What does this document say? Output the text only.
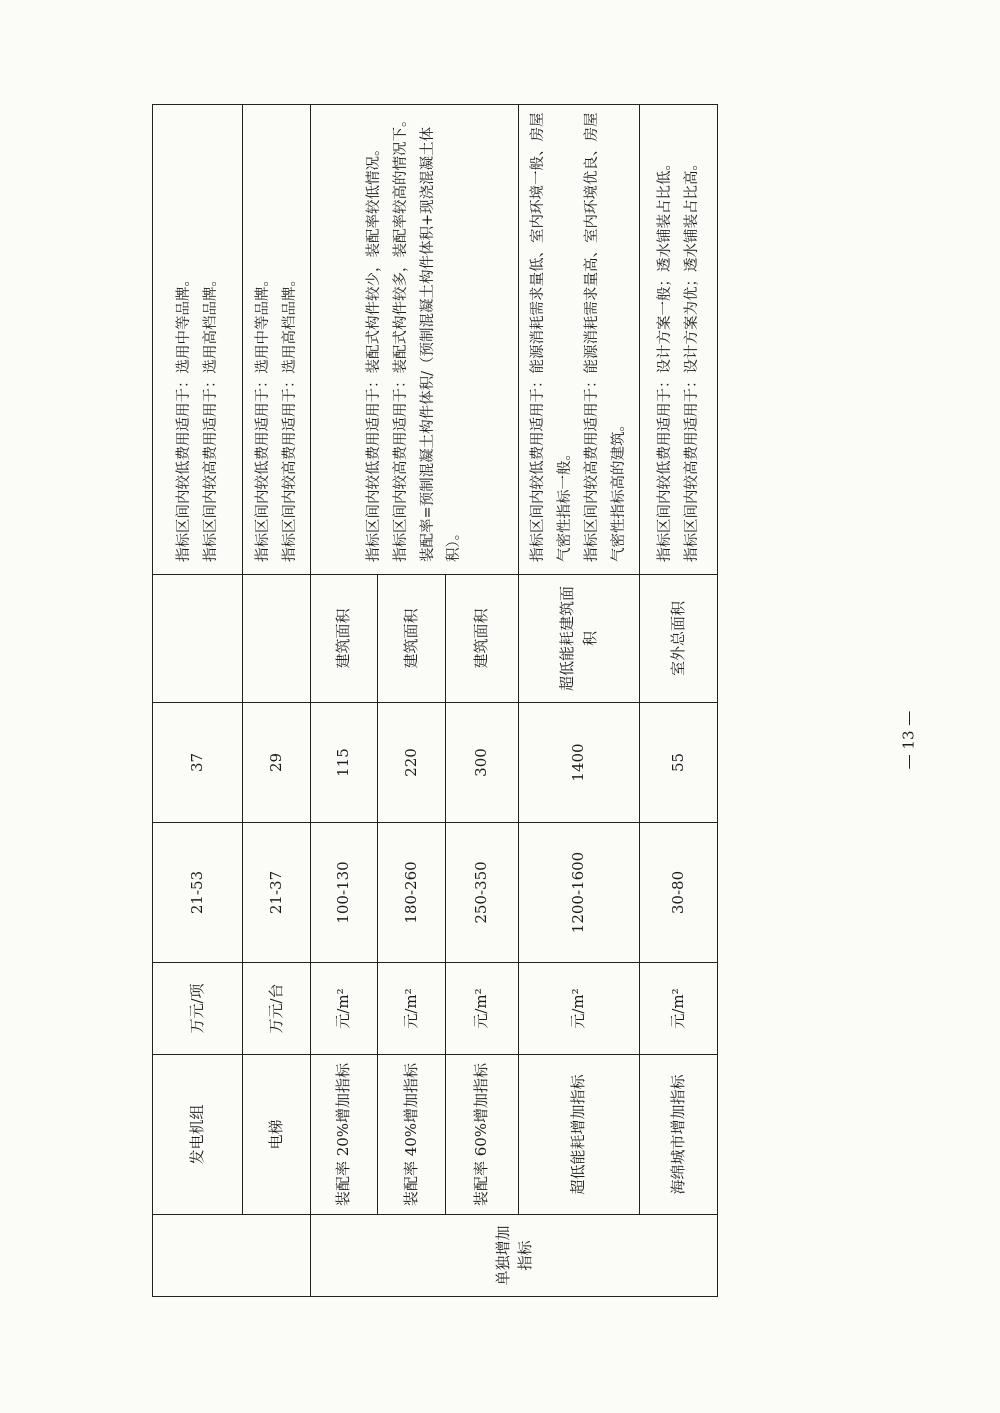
	发电机组	万元/项	21-53	37		指标区间内较低费用适用于：选用中等品牌。 指标区间内较高费用适用于：选用高档品牌。

	电梯	万元/台	21-37	29		指标区间内较低费用适用于：选用中等品牌。 指标区间内较高费用适用于：选用高档品牌。

单独增加指标	装配率 20%增加指标	元/m²	100-130	115	建筑面积	指标区间内较低费用适用于：装配式构件较少，装配率较低情况。 指标区间内较高费用适用于：装配式构件较多，装配率较高的情况下。 装配率=预制混凝土构件体积/（预制混凝土构件体积+现浇混凝土体积）。

	装配率 40%增加指标	元/m²	180-260	220	建筑面积	
	装配率 60%增加指标	元/m²	250-350	300	建筑面积	
	超低能耗增加指标	元/m²	1200-1600	1400	超低能耗建筑面积	指标区间内较低费用适用于：能源消耗需求量低、室内环境一般、房屋气密性指标一般。 指标区间内较高费用适用于：能源消耗需求量高、室内环境优良、房屋气密性指标高的建筑。

	海绵城市增加指标	元/m²	30-80	55	室外总面积	指标区间内较低费用适用于：设计方案一般；透水铺装占比低。 指标区间内较高费用适用于：设计方案为优；透水铺装占比高。
— 13 —
